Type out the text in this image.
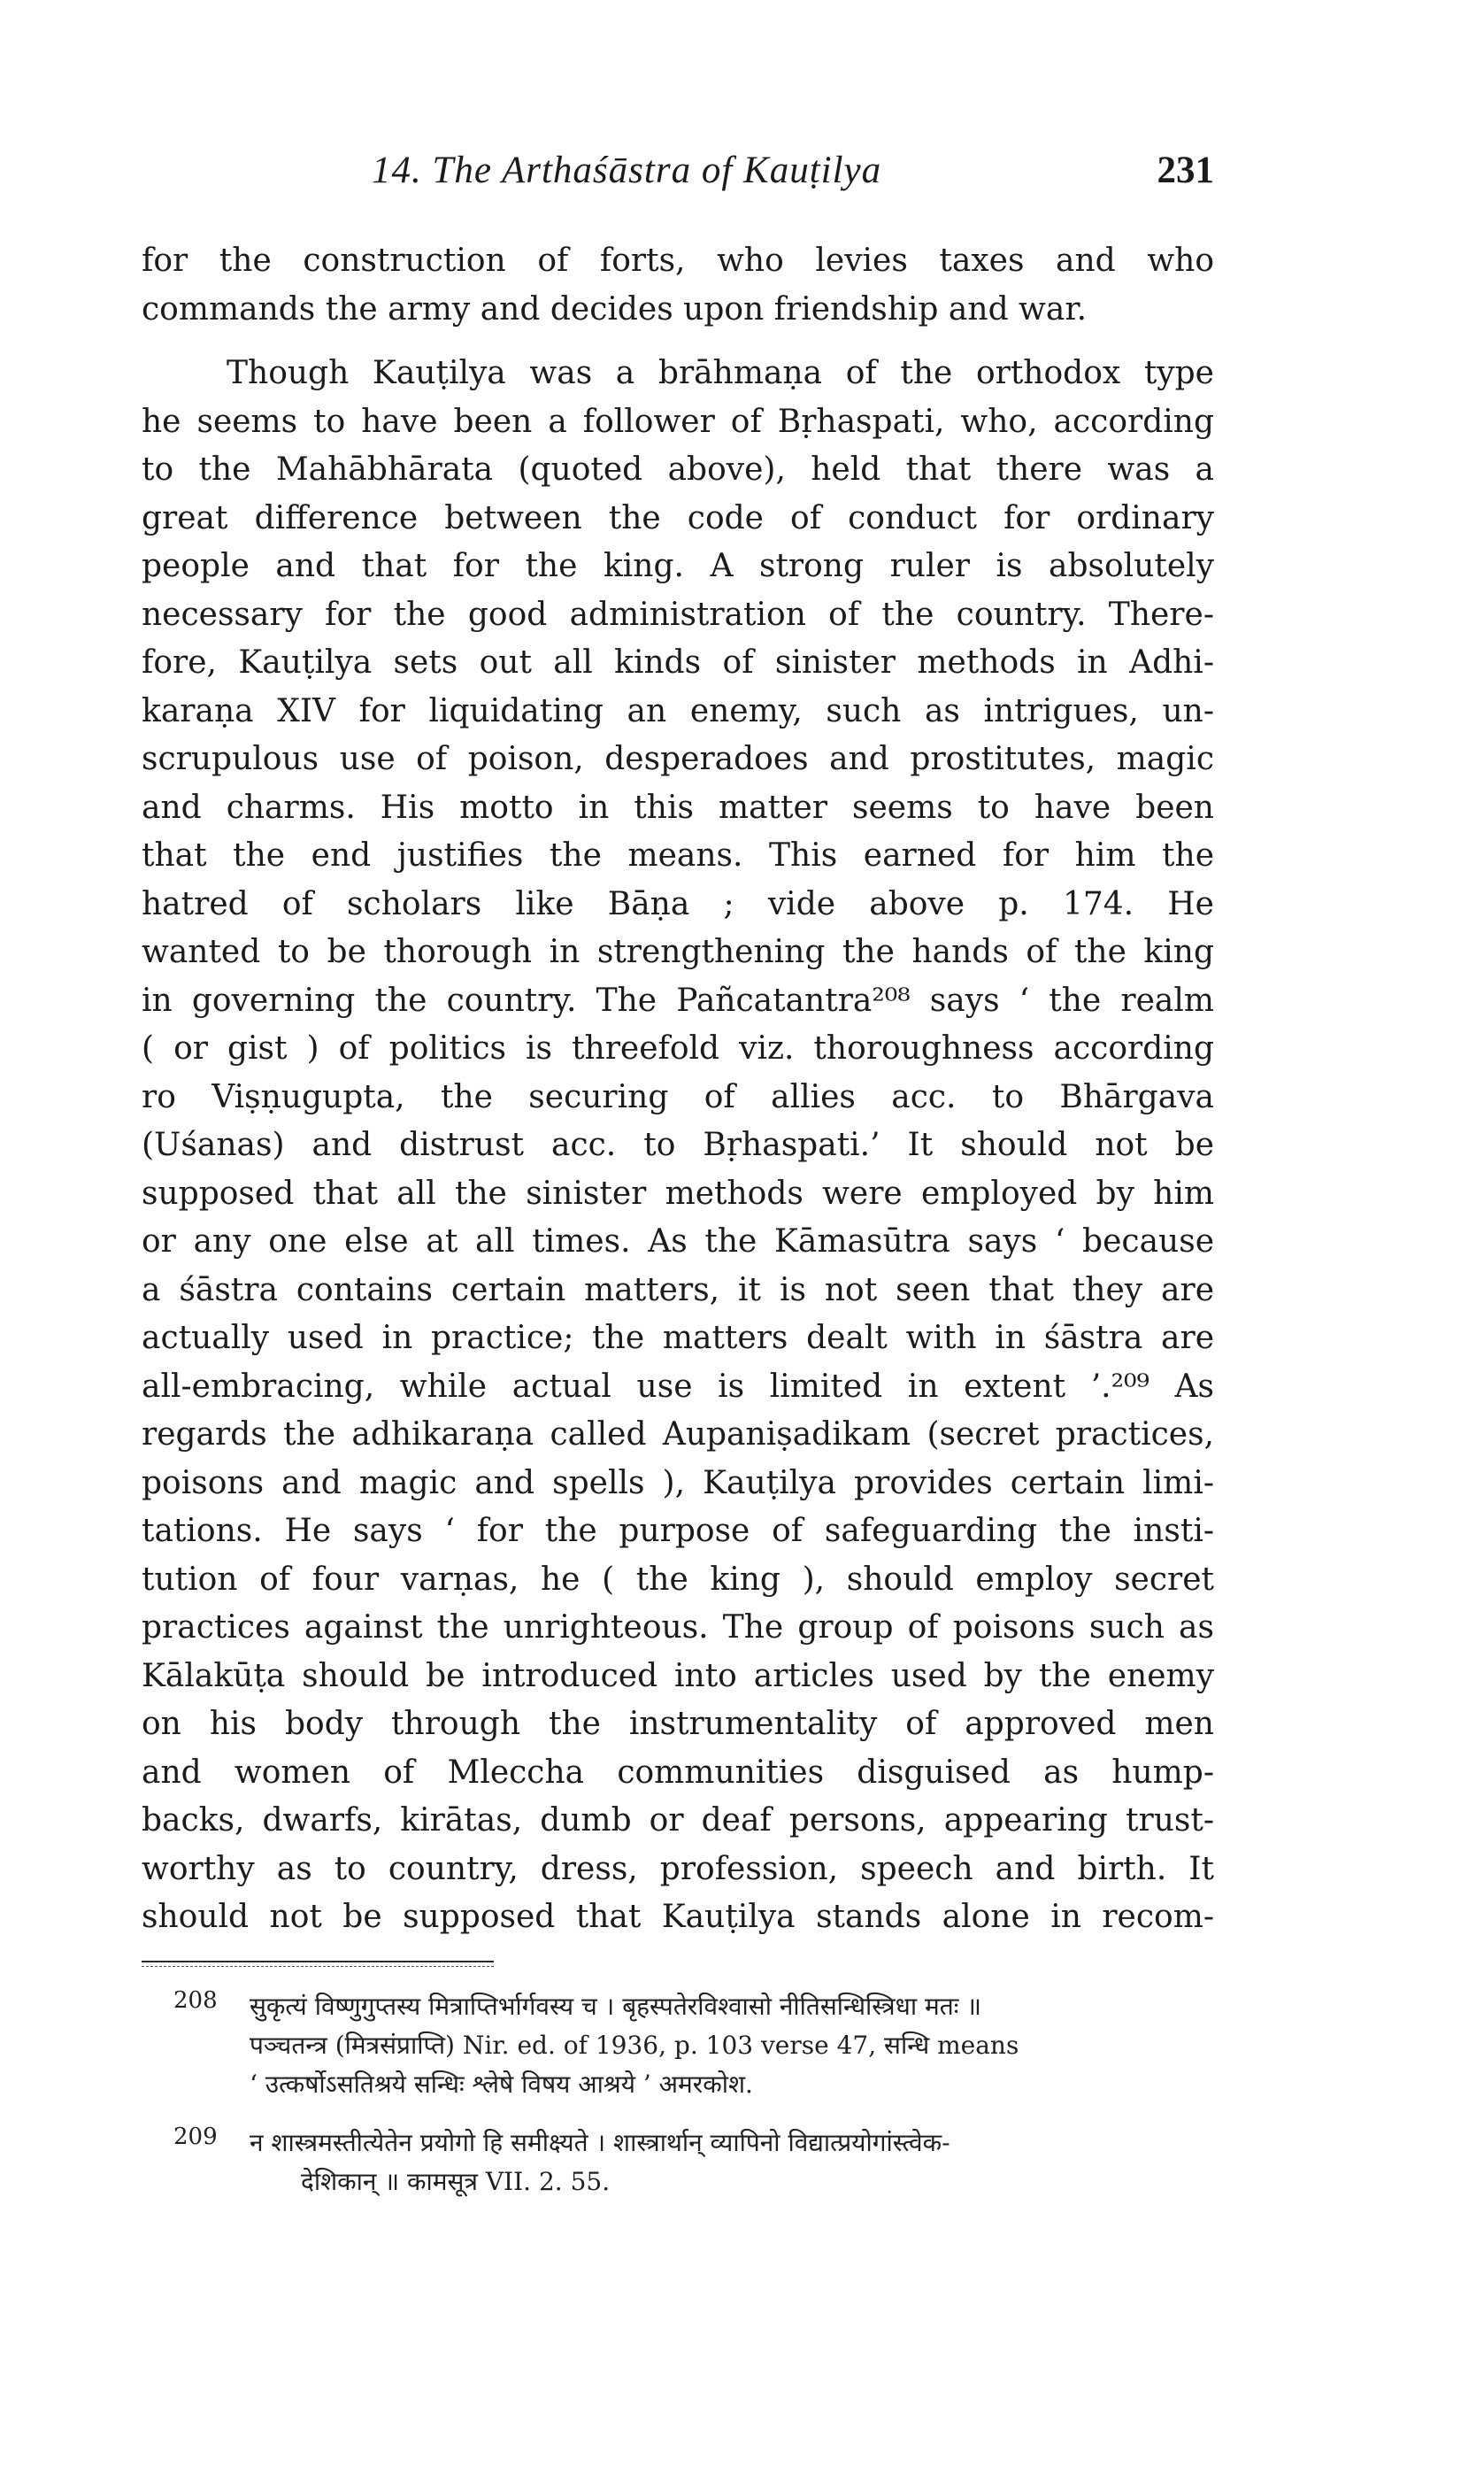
14. The Arthaśāstra of Kauṭilya	231
for the construction of forts, who levies taxes and who
commands the army and decides upon friendship and war.
Though Kauṭilya was a brāhmaṇa of the orthodox type
he seems to have been a follower of Bṛhaspati, who, according
to the Mahābhārata (quoted above), held that there was a
great difference between the code of conduct for ordinary
people and that for the king. A strong ruler is absolutely
necessary for the good administration of the country. There-
fore, Kauṭilya sets out all kinds of sinister methods in Adhi-
karaṇa XIV for liquidating an enemy, such as intrigues, un-
scrupulous use of poison, desperadoes and prostitutes, magic
and charms. His motto in this matter seems to have been
that the end justifies the means. This earned for him the
hatred of scholars like Bāṇa ; vide above p. 174. He
wanted to be thorough in strengthening the hands of the king
in governing the country. The Pañcatantra²⁰⁸ says ‘ the realm
( or gist ) of politics is threefold viz. thoroughness according
ro Viṣṇugupta, the securing of allies acc. to Bhārgava
(Uśanas) and distrust acc. to Bṛhaspati.’ It should not be
supposed that all the sinister methods were employed by him
or any one else at all times. As the Kāmasūtra says ‘ because
a śāstra contains certain matters, it is not seen that they are
actually used in practice; the matters dealt with in śāstra are
all-embracing, while actual use is limited in extent ’.²⁰⁹ As
regards the adhikaraṇa called Aupaniṣadikam (secret practices,
poisons and magic and spells ), Kauṭilya provides certain limi-
tations. He says ‘ for the purpose of safeguarding the insti-
tution of four varṇas, he ( the king ), should employ secret
practices against the unrighteous. The group of poisons such as
Kālakūṭa should be introduced into articles used by the enemy
on his body through the instrumentality of approved men
and women of Mleccha communities disguised as hump-
backs, dwarfs, kirātas, dumb or deaf persons, appearing trust-
worthy as to country, dress, profession, speech and birth. It
should not be supposed that Kauṭilya stands alone in recom-
208 सुकृत्यं विष्णुगुप्तस्य मित्राप्तिर्भार्गवस्य च । बृहस्पतेरविश्वासो नीतिसन्धिस्त्रिधा मतः ॥
पञ्चतन्त्र (मित्रसंप्राप्ति) Nir. ed. of 1936, p. 103 verse 47, सन्धि means
‘ उत्कर्षोऽसतिश्रये सन्धिः श्लेषे विषय आश्रये ’ अमरकोश.
209 न शास्त्रमस्तीत्येतेन प्रयोगो हि समीक्ष्यते । शास्त्रार्थान् व्यापिनो विद्यात्प्रयोगांस्त्वेक-
देशिकान् ॥ कामसूत्र VII. 2. 55.
